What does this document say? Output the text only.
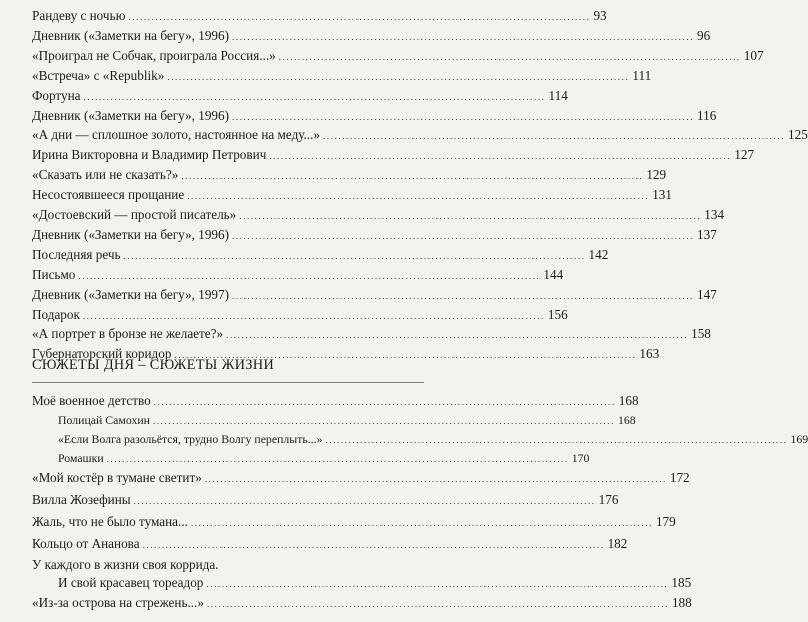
Рандеву с ночью ........................................................................................................................ 93
Дневник («Заметки на бегу», 1996) ........................................................................................................................ 96
«Проиграл не Собчак, проиграла Россия...» ........................................................................................................................ 107
«Встреча» с «Republik» ........................................................................................................................ 111
Фортуна ........................................................................................................................ 114
Дневник («Заметки на бегу», 1996) ........................................................................................................................ 116
«А дни — сплошное золото, настоянное на меду...» ........................................................................................................................ 125
Ирина Викторовна и Владимир Петрович ........................................................................................................................ 127
«Сказать или не сказать?» ........................................................................................................................ 129
Несостоявшееся прощание ........................................................................................................................ 131
«Достоевский — простой писатель» ........................................................................................................................ 134
Дневник («Заметки на бегу», 1996) ........................................................................................................................ 137
Последняя речь ........................................................................................................................ 142
Письмо ........................................................................................................................ 144
Дневник («Заметки на бегу», 1997) ........................................................................................................................ 147
Подарок ........................................................................................................................ 156
«А портрет в бронзе не желаете?» ........................................................................................................................ 158
Губернаторский коридор ........................................................................................................................ 163
СЮЖЕТЫ ДНЯ – СЮЖЕТЫ ЖИЗНИ
Моё военное детство ........................................................................................................................ 168
Полицай Самохин ........................................................................................................................ 168
«Если Волга разольётся, трудно Волгу переплыть...» ........................................................................................................................ 169
Ромашки ........................................................................................................................ 170
«Мой костёр в тумане светит» ........................................................................................................................ 172
Вилла Жозефины ........................................................................................................................ 176
Жаль, что не было тумана... ........................................................................................................................ 179
Кольцо от Ананова ........................................................................................................................ 182
У каждого в жизни своя коррида.
И свой красавец тореадор ........................................................................................................................ 185
«Из-за острова на стрежень...» ........................................................................................................................ 188
